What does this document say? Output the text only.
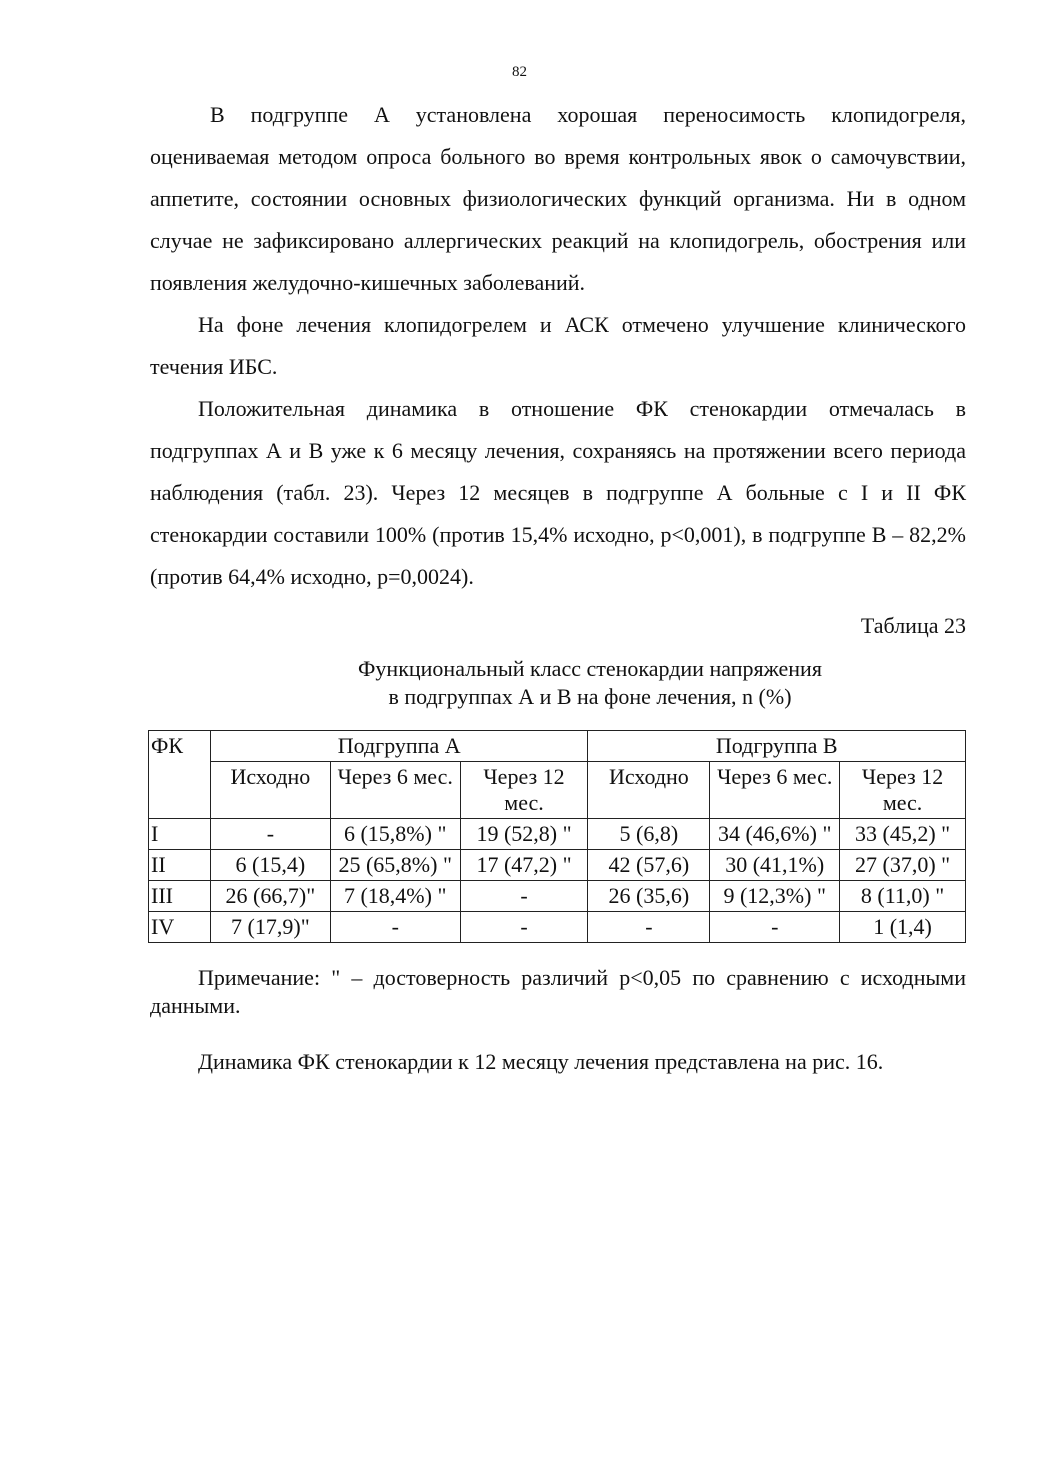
82

В подгруппе А установлена хорошая переносимость клопидогреля, оцениваемая методом опроса больного во время контрольных явок о самочувствии, аппетите, состоянии основных физиологических функций организма. Ни в одном случае не зафиксировано аллергических реакций на клопидогрель, обострения или появления желудочно-кишечных заболеваний.

На фоне лечения клопидогрелем и АСК отмечено улучшение клинического течения ИБС.

Положительная динамика в отношение ФК стенокардии отмечалась в подгруппах А и В уже к 6 месяцу лечения, сохраняясь на протяжении всего периода наблюдения (табл. 23). Через 12 месяцев в подгруппе А больные с I и II ФК стенокардии составили 100% (против 15,4% исходно, p<0,001), в подгруппе В – 82,2% (против 64,4% исходно, p=0,0024).

Таблица 23
Функциональный класс стенокардии напряжения
в подгруппах А и В на фоне лечения, n (%)
ФК	Подгруппа А			Подгруппа В		
	Исходно	Через 6 мес.	Через 12 мес.	Исходно	Через 6 мес.	Через 12 мес.
I	-	6 (15,8%) "	19 (52,8) "	5 (6,8)	34 (46,6%) "	33 (45,2) "
II	6 (15,4)	25 (65,8%) "	17 (47,2) "	42 (57,6)	30 (41,1%)	27 (37,0) "
III	26 (66,7)"	7 (18,4%) "	-	26 (35,6)	9 (12,3%) "	8 (11,0) "
IV	7 (17,9)"	-	-	-	-	1 (1,4)

Примечание: " – достоверность различий p<0,05 по сравнению с исходными данными.

Динамика ФК стенокардии к 12 месяцу лечения представлена на рис. 16.
